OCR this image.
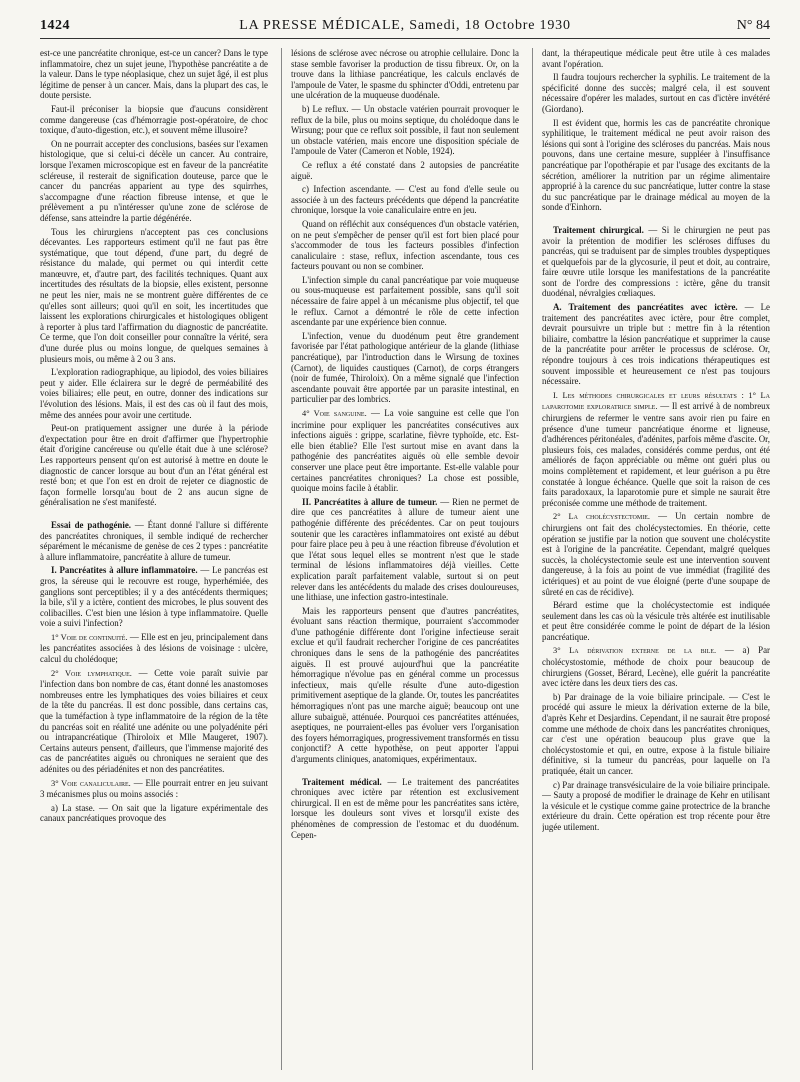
1424	LA PRESSE MÉDICALE, Samedi, 18 Octobre 1930	N° 84

est-ce une pancréatite chronique, est-ce un cancer? Dans le type inflammatoire, chez un sujet jeune, l'hypothèse pancréatite a de la valeur. Dans le type néoplasique, chez un sujet âgé, il est plus légitime de penser à un cancer. Mais, dans la plupart des cas, le doute persiste.

Faut-il préconiser la biopsie que d'aucuns considèrent comme dangereuse (cas d'hémorragie post-opératoire, de choc toxique, d'auto-digestion, etc.), et souvent même illusoire?

On ne pourrait accepter des conclusions, basées sur l'examen histologique, que si celui-ci décèle un cancer. Au contraire, lorsque l'examen microscopique est en faveur de la pancréatite scléreuse, il resterait de signification douteuse, parce que le cancer du pancréas apparient au type des squirrhes, s'accompagne d'une réaction fibreuse intense, et que le prélèvement a pu n'intéresser qu'une zone de sclérose de défense, sans atteindre la partie dégénérée.

Tous les chirurgiens n'acceptent pas ces conclusions décevantes. Les rapporteurs estiment qu'il ne faut pas être systématique, que tout dépend, d'une part, du degré de résistance du malade, qui permet ou qui interdit cette manœuvre, et, d'autre part, des facilités techniques. Quant aux incertitudes des résultats de la biopsie, elles existent, personne ne peut les nier, mais ne se montrent guère différentes de ce qu'elles sont ailleurs; quoi qu'il en soit, les incertitudes que laissent les explorations chirurgicales et histologiques obligent à reporter à plus tard l'affirmation du diagnostic de pancréatite. Ce terme, que l'on doit conseiller pour connaître la vérité, sera d'une durée plus ou moins longue, de quelques semaines à plusieurs mois, ou même à 2 ou 3 ans.

L'exploration radiographique, au lipiodol, des voies biliaires peut y aider. Elle éclairera sur le degré de perméabilité des voies biliaires; elle peut, en outre, donner des indications sur l'évolution des lésions. Mais, il est des cas où il faut des mois, même des années pour avoir une certitude.

Peut-on pratiquement assigner une durée à la période d'expectation pour être en droit d'affirmer que l'hypertrophie était d'origine cancéreuse ou qu'elle était due à une sclérose? Les rapporteurs pensent qu'on est autorisé à mettre en doute le diagnostic de cancer lorsque au bout d'un an l'état général est resté bon; et que l'on est en droit de rejeter ce diagnostic de façon formelle lorsqu'au bout de 2 ans aucun signe de généralisation ne s'est manifesté.

Essai de pathogénie. — Étant donné l'allure si différente des pancréatites chroniques, il semble indiqué de rechercher séparément le mécanisme de genèse de ces 2 types : pancréatite à allure inflammatoire, pancréatite à allure de tumeur.

I. Pancréatites à allure inflammatoire. — Le pancréas est gros, la séreuse qui le recouvre est rouge, hyperhémiée, des ganglions sont perceptibles; il y a des antécédents thermiques; la bile, s'il y a ictère, contient des microbes, le plus souvent des colibacilles. C'est bien une lésion à type inflammatoire. Quelle voie a suivi l'infection?

1° Voie de continuité. — Elle est en jeu, principalement dans les pancréatites associées à des lésions de voisinage : ulcère, calcul du cholédoque;

2° Voie lymphatique. — Cette voie paraît suivie par l'infection dans bon nombre de cas, étant donné les anastomoses nombreuses entre les lymphatiques des voies biliaires et ceux de la tête du pancréas. Il est donc possible, dans certains cas, que la tuméfaction à type inflammatoire de la région de la tête du pancréas soit en réalité une adénite ou une polyadénite péri ou intrapancréatique (Thiroloix et Mlle Maugeret, 1907). Certains auteurs pensent, d'ailleurs, que l'immense majorité des cas de pancréatites aiguës ou chroniques ne seraient que des adénites ou des périadénites et non des pancréatites.

3° Voie canaliculaire. — Elle pourrait entrer en jeu suivant 3 mécanismes plus ou moins associés :

a) La stase. — On sait que la ligature expérimentale des canaux pancréatiques provoque des

lésions de sclérose avec nécrose ou atrophie cellulaire. Donc la stase semble favoriser la production de tissu fibreux. Or, on la trouve dans la lithiase pancréatique, les calculs enclavés de l'ampoule de Vater, le spasme du sphincter d'Oddi, entretenu par une ulcération de la muqueuse duodénale.

b) Le reflux. — Un obstacle vatérien pourrait provoquer le reflux de la bile, plus ou moins septique, du cholédoque dans le Wirsung; pour que ce reflux soit possible, il faut non seulement un obstacle vatérien, mais encore une disposition spéciale de l'ampoule de Vater (Cameron et Noble, 1924).

Ce reflux a été constaté dans 2 autopsies de pancréatite aiguë.

c) Infection ascendante. — C'est au fond d'elle seule ou associée à un des facteurs précédents que dépend la pancréatite chronique, lorsque la voie canaliculaire entre en jeu.

Quand on réfléchit aux conséquences d'un obstacle vatérien, on ne peut s'empêcher de penser qu'il est fort bien placé pour s'accommoder de tous les facteurs possibles d'infection canaliculaire : stase, reflux, infection ascendante, tous ces facteurs pouvant ou non se combiner.

L'infection simple du canal pancréatique par voie muqueuse ou sous-muqueuse est parfaitement possible, sans qu'il soit nécessaire de faire appel à un mécanisme plus objectif, tel que le reflux. Carnot a démontré le rôle de cette infection ascendante par une expérience bien connue.

L'infection, venue du duodénum peut être grandement favorisée par l'état pathologique antérieur de la glande (lithiase pancréatique), par l'introduction dans le Wirsung de toxines (Carnot), de liquides caustiques (Carnot), de corps étrangers (noir de fumée, Thiroloix). On a même signalé que l'infection ascendante pouvait être apportée par un parasite intestinal, en particulier par des lombrics.

4° Voie sanguine. — La voie sanguine est celle que l'on incrimine pour expliquer les pancréatites consécutives aux infections aiguës : grippe, scarlatine, fièvre typhoïde, etc. Est-elle bien établie? Elle l'est surtout mise en avant dans la pathogénie des pancréatites aiguës où elle semble devoir conserver une place peut être importante. Est-elle valable pour certaines pancréatites chroniques? La chose est possible, quoique moins facile à établir.

II. Pancréatites à allure de tumeur. — Rien ne permet de dire que ces pancréatites à allure de tumeur aient une pathogénie différente des précédentes. Car on peut toujours soutenir que les caractères inflammatoires ont existé au début pour faire place peu à peu à une réaction fibreuse d'évolution et que l'état sous lequel elles se montrent n'est que le stade terminal de lésions inflammatoires déjà vieilles. Cette explication paraît parfaitement valable, surtout si on peut relever dans les antécédents du malade des crises douloureuses, une lithiase, une infection gastro-intestinale.

Mais les rapporteurs pensent que d'autres pancréatites, évoluant sans réaction thermique, pourraient s'accommoder d'une pathogénie différente dont l'origine infectieuse serait exclue et qu'il faudrait rechercher l'origine de ces pancréatites chroniques dans le sens de la pathogénie des pancréatites aiguës. Il est prouvé aujourd'hui que la pancréatite hémorragique n'évolue pas en général comme un processus infectieux, mais qu'elle résulte d'une auto-digestion primitivement aseptique de la glande. Or, toutes les pancréatites hémorragiques n'ont pas une marche aiguë; beaucoup ont une allure subaiguë, atténuée. Pourquoi ces pancréatites atténuées, aseptiques, ne pourraient-elles pas évoluer vers l'organisation des foyers hémorragiques, progressivement transformés en tissu conjonctif? A cette hypothèse, on peut apporter l'appui d'arguments cliniques, anatomiques, expérimentaux.

Traitement médical. — Le traitement des pancréatites chroniques avec ictère par rétention est exclusivement chirurgical. Il en est de même pour les pancréatites sans ictère, lorsque les douleurs sont vives et lorsqu'il existe des phénomènes de compression de l'estomac et du duodénum. Cepen-

dant, la thérapeutique médicale peut être utile à ces malades avant l'opération.

Il faudra toujours rechercher la syphilis. Le traitement de la spécificité donne des succès; malgré cela, il est souvent nécessaire d'opérer les malades, surtout en cas d'ictère invétéré (Giordano).

Il est évident que, hormis les cas de pancréatite chronique syphilitique, le traitement médical ne peut avoir raison des lésions qui sont à l'origine des scléroses du pancréas. Mais nous pouvons, dans une certaine mesure, suppléer à l'insuffisance pancréatique par l'opothérapie et par l'usage des excitants de la sécrétion, améliorer la nutrition par un régime alimentaire approprié à la carence du suc pancréatique, lutter contre la stase du suc pancréatique par le drainage médical au moyen de la sonde d'Einhorn.

Traitement chirurgical. — Si le chirurgien ne peut pas avoir la prétention de modifier les scléroses diffuses du pancréas, qui se traduisent par de simples troubles dyspeptiques et quelquefois par de la glycosurie, il peut et doit, au contraire, faire œuvre utile lorsque les manifestations de la pancréatite sont de l'ordre des compressions : ictère, gêne du transit duodénal, névralgies cœliaques.

A. Traitement des pancréatites avec ictère. — Le traitement des pancréatites avec ictère, pour être complet, devrait poursuivre un triple but : mettre fin à la rétention biliaire, combattre la lésion pancréatique et supprimer la cause de la pancréatite pour arrêter le processus de sclérose. Or, répondre toujours à ces trois indications thérapeutiques est souvent impossible et heureusement ce n'est pas toujours nécessaire.

I. Les méthodes chirurgicales et leurs résultats : 1° La laparotomie exploratrice simple. — Il est arrivé à de nombreux chirurgiens de refermer le ventre sans avoir rien pu faire en présence d'une tumeur pancréatique énorme et ligneuse, d'adhérences péritonéales, d'adénites, parfois même d'ascite. Or, plusieurs fois, ces malades, considérés comme perdus, ont été améliorés de façon appréciable ou même ont guéri plus ou moins complètement et rapidement, et leur guérison a pu être constatée à longue échéance. Quelle que soit la raison de ces faits paradoxaux, la laparotomie pure et simple ne saurait être préconisée comme une méthode de traitement.

2° La cholécystectomie. — Un certain nombre de chirurgiens ont fait des cholécystectomies. En théorie, cette opération se justifie par la notion que souvent une cholécystite est à l'origine de la pancréatite. Cependant, malgré quelques succès, la cholécystectomie seule est une intervention souvent dangereuse, à la fois au point de vue immédiat (fragilité des ictériques) et au point de vue éloigné (perte d'une soupape de sûreté en cas de récidive).

Bérard estime que la cholécystectomie est indiquée seulement dans les cas où la vésicule très altérée est inutilisable et peut être considérée comme le point de départ de la lésion pancréatique.

3° La dérivation externe de la bile. — a) Par cholécystostomie, méthode de choix pour beaucoup de chirurgiens (Gosset, Bérard, Lecène), elle guérit la pancréatite avec ictère dans les deux tiers des cas.

b) Par drainage de la voie biliaire principale. — C'est le procédé qui assure le mieux la dérivation externe de la bile, d'après Kehr et Desjardins. Cependant, il ne saurait être proposé comme une méthode de choix dans les pancréatites chroniques, car c'est une opération beaucoup plus grave que la cholécystostomie et qui, en outre, expose à la fistule biliaire définitive, si la tumeur du pancréas, pour laquelle on l'a pratiquée, était un cancer.

c) Par drainage transvésiculaire de la voie biliaire principale. — Sauty a proposé de modifier le drainage de Kehr en utilisant la vésicule et le cystique comme gaine protectrice de la branche extérieure du drain. Cette opération est trop récente pour être jugée utilement.
